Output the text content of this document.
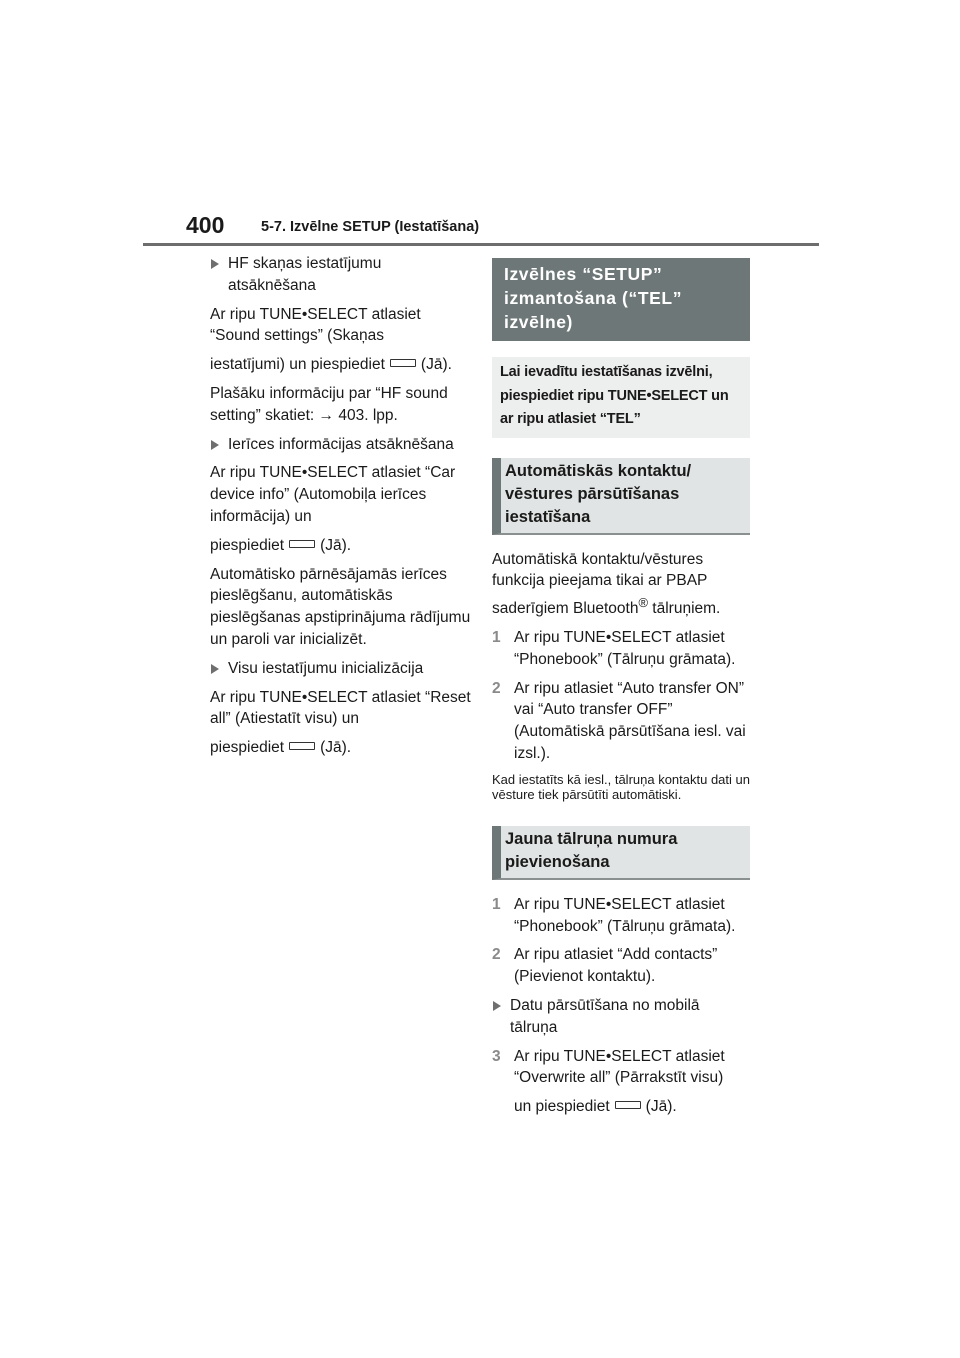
400	5-7. Izvēlne SETUP (Iestatīšana)
HF skaņas iestatījumu atsāknēšana

Ar ripu TUNE•SELECT atlasiet “Sound settings” (Skaņas

iestatījumi) un piespiediet (Jā).

Plašāku informāciju par “HF sound setting” skatiet: → 403. lpp.

Ierīces informācijas atsāknēšana

Ar ripu TUNE•SELECT atlasiet “Car device info” (Automobiļa ierīces informācija) un

piespiediet (Jā).

Automātisko pārnēsājamās ierīces pieslēgšanu, automātiskās pieslēgšanas apstiprinājuma rādījumu un paroli var inicializēt.

Visu iestatījumu inicializācija

Ar ripu TUNE•SELECT atlasiet “Reset all” (Atiestatīt visu) un

piespiediet (Jā).

Izvēlnes “SETUP” izmantošana (“TEL” izvēlne)
Lai ievadītu iestatīšanas izvēlni, piespiediet ripu TUNE•SELECT un ar ripu atlasiet “TEL”
Automātiskās kontaktu/ vēstures pārsūtīšanas iestatīšana

Automātiskā kontaktu/vēstures funkcija pieejama tikai ar PBAP saderīgiem Bluetooth® tālruņiem.

1 Ar ripu TUNE•SELECT atlasiet “Phonebook” (Tālruņu grāmata).
2 Ar ripu atlasiet “Auto transfer ON” vai “Auto transfer OFF” (Automātiskā pārsūtīšana iesl. vai izsl.).

Kad iestatīts kā iesl., tālruņa kontaktu dati un vēsture tiek pārsūtīti automātiski.

Jauna tālruņa numura pievienošana
1 Ar ripu TUNE•SELECT atlasiet “Phonebook” (Tālruņu grāmata).
2 Ar ripu atlasiet “Add contacts” (Pievienot kontaktu).
Datu pārsūtīšana no mobilā tālruņa
3 Ar ripu TUNE•SELECT atlasiet “Overwrite all” (Pārrakstīt visu)

un piespiediet (Jā).
